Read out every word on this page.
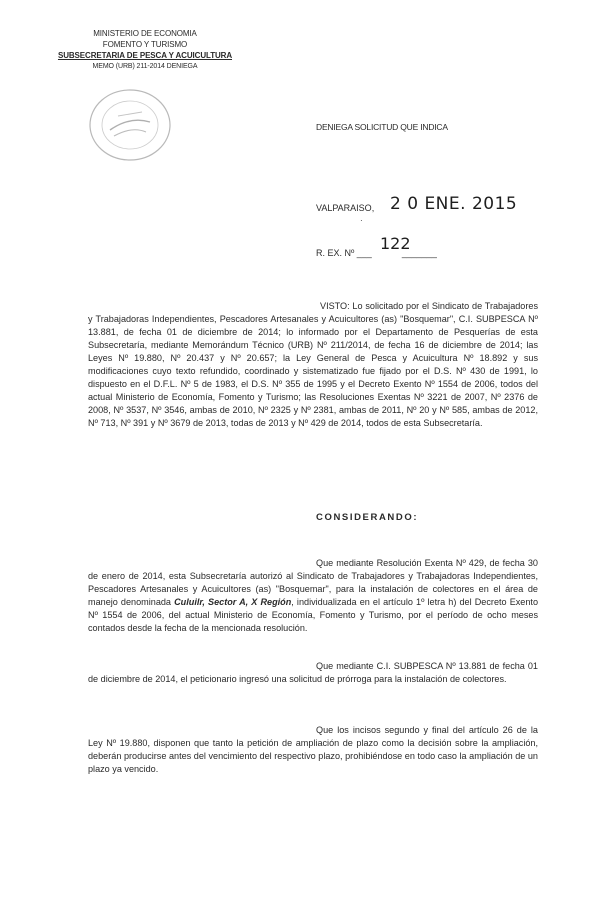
MINISTERIO DE ECONOMIA
FOMENTO Y TURISMO
SUBSECRETARIA DE PESCA Y ACUICULTURA
MEMO (URB) 211-2014 DENIEGA
DENIEGA SOLICITUD QUE INDICA
VALPARAISO, 2 0 ENE. 2015
·
R. EX. Nº ___	_______
122
VISTO: Lo solicitado por el Sindicato de Trabajadores y Trabajadoras Independientes, Pescadores Artesanales y Acuicultores (as) "Bosquemar", C.I. SUBPESCA Nº 13.881, de fecha 01 de diciembre de 2014; lo informado por el Departamento de Pesquerías de esta Subsecretaría, mediante Memorándum Técnico (URB) Nº 211/2014, de fecha 16 de diciembre de 2014; las Leyes Nº 19.880, Nº 20.437 y Nº 20.657; la Ley General de Pesca y Acuicultura Nº 18.892 y sus modificaciones cuyo texto refundido, coordinado y sistematizado fue fijado por el D.S. Nº 430 de 1991, lo dispuesto en el D.F.L. Nº 5 de 1983, el D.S. Nº 355 de 1995 y el Decreto Exento Nº 1554 de 2006, todos del actual Ministerio de Economía, Fomento y Turismo; las Resoluciones Exentas Nº 3221 de 2007, Nº 2376 de 2008, Nº 3537, Nº 3546, ambas de 2010, Nº 2325 y Nº 2381, ambas de 2011, Nº 20 y Nº 585, ambas de 2012, Nº 713, Nº 391 y Nº 3679 de 2013, todas de 2013 y Nº 429 de 2014, todos de esta Subsecretaría.
CONSIDERANDO:
Que mediante Resolución Exenta Nº 429, de fecha 30 de enero de 2014, esta Subsecretaría autorizó al Sindicato de Trabajadores y Trabajadoras Independientes, Pescadores Artesanales y Acuicultores (as) "Bosquemar", para la instalación de colectores en el área de manejo denominada Culuilr, Sector A, X Región, individualizada en el artículo 1º letra h) del Decreto Exento Nº 1554 de 2006, del actual Ministerio de Economía, Fomento y Turismo, por el período de ocho meses contados desde la fecha de la mencionada resolución.
Que mediante C.I. SUBPESCA Nº 13.881 de fecha 01 de diciembre de 2014, el peticionario ingresó una solicitud de prórroga para la instalación de colectores.
Que los incisos segundo y final del artículo 26 de la Ley Nº 19.880, disponen que tanto la petición de ampliación de plazo como la decisión sobre la ampliación, deberán producirse antes del vencimiento del respectivo plazo, prohibiéndose en todo caso la ampliación de un plazo ya vencido.
